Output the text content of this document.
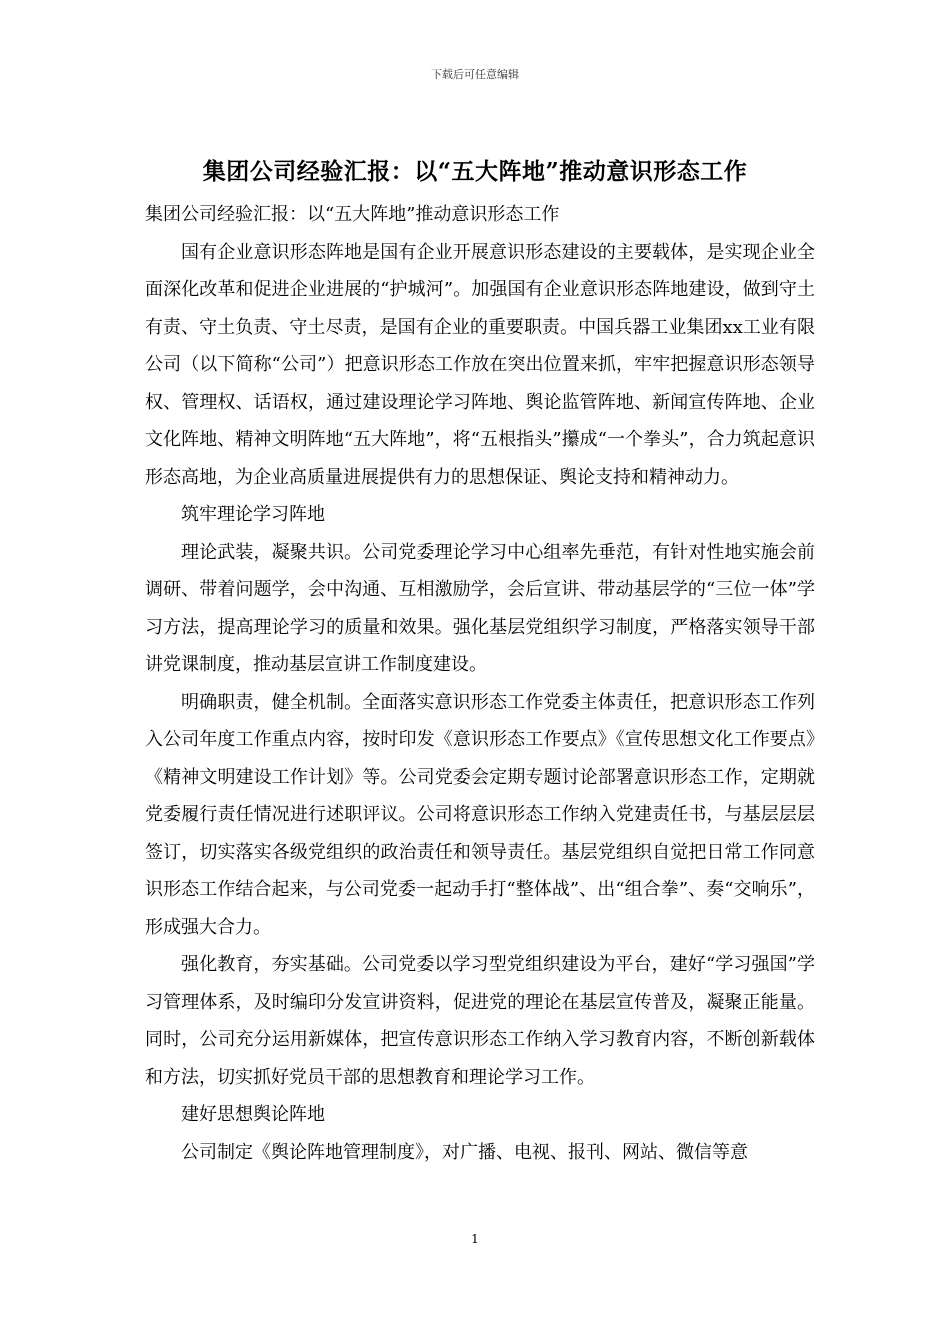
下载后可任意编辑
集团公司经验汇报：以“五大阵地”推动意识形态工作

集团公司经验汇报：以“五大阵地”推动意识形态工作

国有企业意识形态阵地是国有企业开展意识形态建设的主要载体，是实现企业全面深化改革和促进企业进展的“护城河”。加强国有企业意识形态阵地建设，做到守土有责、守土负责、守土尽责，是国有企业的重要职责。中国兵器工业集团xx工业有限公司（以下简称“公司”）把意识形态工作放在突出位置来抓，牢牢把握意识形态领导权、管理权、话语权，通过建设理论学习阵地、舆论监管阵地、新闻宣传阵地、企业文化阵地、精神文明阵地“五大阵地”，将“五根指头”攥成“一个拳头”，合力筑起意识形态高地，为企业高质量进展提供有力的思想保证、舆论支持和精神动力。

筑牢理论学习阵地

理论武装，凝聚共识。公司党委理论学习中心组率先垂范，有针对性地实施会前调研、带着问题学，会中沟通、互相激励学，会后宣讲、带动基层学的“三位一体”学习方法，提高理论学习的质量和效果。强化基层党组织学习制度，严格落实领导干部讲党课制度，推动基层宣讲工作制度建设。

明确职责，健全机制。全面落实意识形态工作党委主体责任，把意识形态工作列入公司年度工作重点内容，按时印发《意识形态工作要点》《宣传思想文化工作要点》《精神文明建设工作计划》等。公司党委会定期专题讨论部署意识形态工作，定期就党委履行责任情况进行述职评议。公司将意识形态工作纳入党建责任书，与基层层层签订，切实落实各级党组织的政治责任和领导责任。基层党组织自觉把日常工作同意识形态工作结合起来，与公司党委一起动手打“整体战”、出“组合拳”、奏“交响乐”，形成强大合力。

强化教育，夯实基础。公司党委以学习型党组织建设为平台，建好“学习强国”学习管理体系，及时编印分发宣讲资料，促进党的理论在基层宣传普及，凝聚正能量。同时，公司充分运用新媒体，把宣传意识形态工作纳入学习教育内容，不断创新载体和方法，切实抓好党员干部的思想教育和理论学习工作。

建好思想舆论阵地

公司制定《舆论阵地管理制度》，对广播、电视、报刊、网站、微信等意

1
